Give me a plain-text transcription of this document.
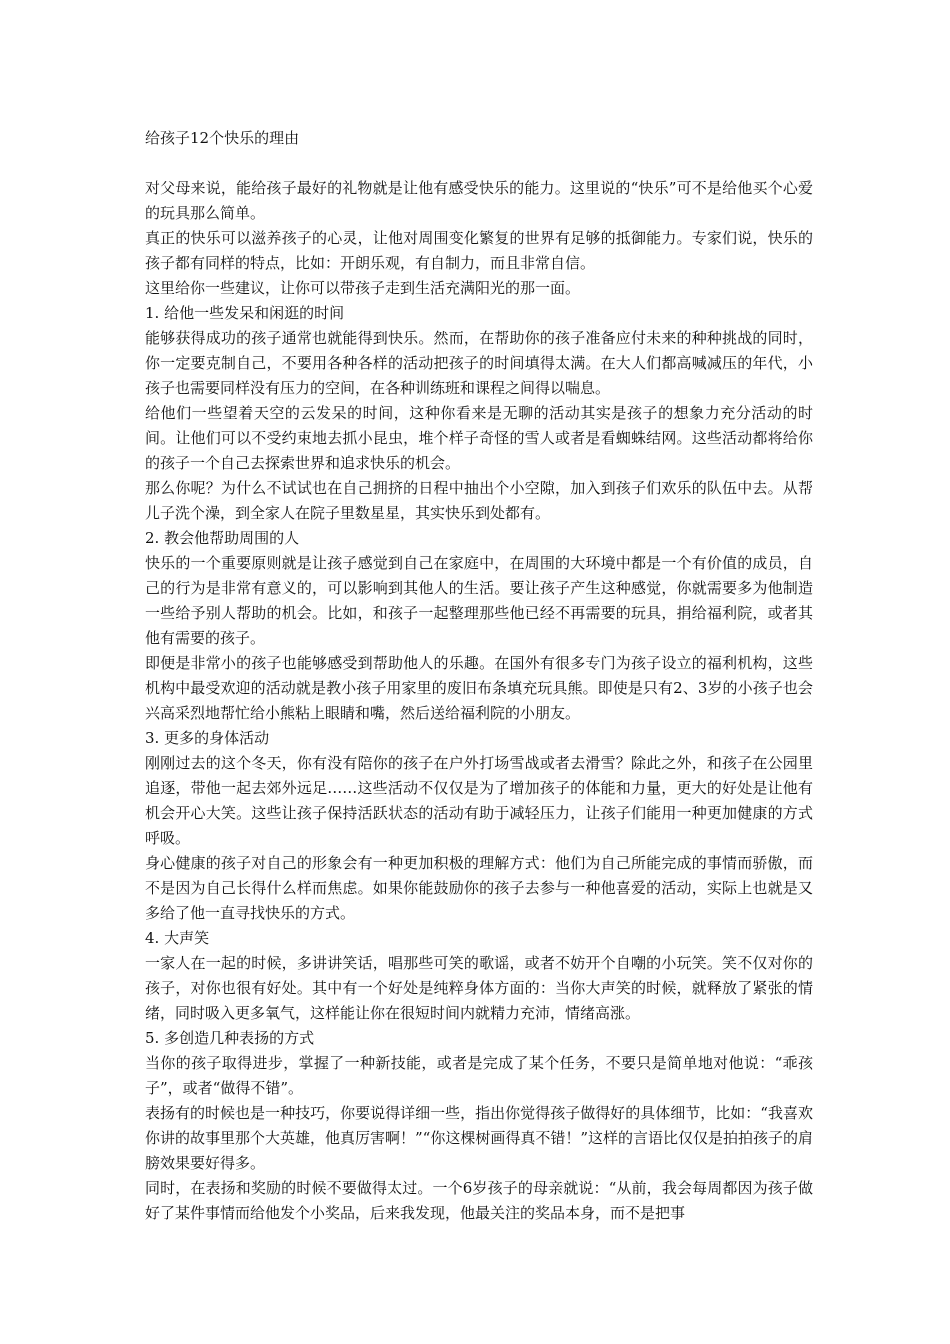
给孩子12个快乐的理由

对父母来说，能给孩子最好的礼物就是让他有感受快乐的能力。这里说的“快乐”可不是给他买个心爱的玩具那么简单。

真正的快乐可以滋养孩子的心灵，让他对周围变化繁复的世界有足够的抵御能力。专家们说，快乐的孩子都有同样的特点，比如：开朗乐观，有自制力，而且非常自信。

这里给你一些建议，让你可以带孩子走到生活充满阳光的那一面。

1. 给他一些发呆和闲逛的时间

能够获得成功的孩子通常也就能得到快乐。然而，在帮助你的孩子准备应付未来的种种挑战的同时，你一定要克制自己，不要用各种各样的活动把孩子的时间填得太满。在大人们都高喊减压的年代，小孩子也需要同样没有压力的空间，在各种训练班和课程之间得以喘息。

给他们一些望着天空的云发呆的时间，这种你看来是无聊的活动其实是孩子的想象力充分活动的时间。让他们可以不受约束地去抓小昆虫，堆个样子奇怪的雪人或者是看蜘蛛结网。这些活动都将给你的孩子一个自己去探索世界和追求快乐的机会。

那么你呢？为什么不试试也在自己拥挤的日程中抽出个小空隙，加入到孩子们欢乐的队伍中去。从帮儿子洗个澡，到全家人在院子里数星星，其实快乐到处都有。

2. 教会他帮助周围的人

快乐的一个重要原则就是让孩子感觉到自己在家庭中，在周围的大环境中都是一个有价值的成员，自己的行为是非常有意义的，可以影响到其他人的生活。要让孩子产生这种感觉，你就需要多为他制造一些给予别人帮助的机会。比如，和孩子一起整理那些他已经不再需要的玩具，捐给福利院，或者其他有需要的孩子。

即便是非常小的孩子也能够感受到帮助他人的乐趣。在国外有很多专门为孩子设立的福利机构，这些机构中最受欢迎的活动就是教小孩子用家里的废旧布条填充玩具熊。即使是只有2、3岁的小孩子也会兴高采烈地帮忙给小熊粘上眼睛和嘴，然后送给福利院的小朋友。

3. 更多的身体活动

刚刚过去的这个冬天，你有没有陪你的孩子在户外打场雪战或者去滑雪？除此之外，和孩子在公园里追逐，带他一起去郊外远足……这些活动不仅仅是为了增加孩子的体能和力量，更大的好处是让他有机会开心大笑。这些让孩子保持活跃状态的活动有助于减轻压力，让孩子们能用一种更加健康的方式呼吸。

身心健康的孩子对自己的形象会有一种更加积极的理解方式：他们为自己所能完成的事情而骄傲，而不是因为自己长得什么样而焦虑。如果你能鼓励你的孩子去参与一种他喜爱的活动，实际上也就是又多给了他一直寻找快乐的方式。

4. 大声笑

一家人在一起的时候，多讲讲笑话，唱那些可笑的歌谣，或者不妨开个自嘲的小玩笑。笑不仅对你的孩子，对你也很有好处。其中有一个好处是纯粹身体方面的：当你大声笑的时候，就释放了紧张的情绪，同时吸入更多氧气，这样能让你在很短时间内就精力充沛，情绪高涨。

5. 多创造几种表扬的方式

当你的孩子取得进步，掌握了一种新技能，或者是完成了某个任务，不要只是简单地对他说：“乖孩子”，或者“做得不错”。

表扬有的时候也是一种技巧，你要说得详细一些，指出你觉得孩子做得好的具体细节，比如：“我喜欢你讲的故事里那个大英雄，他真厉害啊！”“你这棵树画得真不错！”这样的言语比仅仅是拍拍孩子的肩膀效果要好得多。

同时，在表扬和奖励的时候不要做得太过。一个6岁孩子的母亲就说：“从前，我会每周都因为孩子做好了某件事情而给他发个小奖品，后来我发现，他最关注的奖品本身，而不是把事
